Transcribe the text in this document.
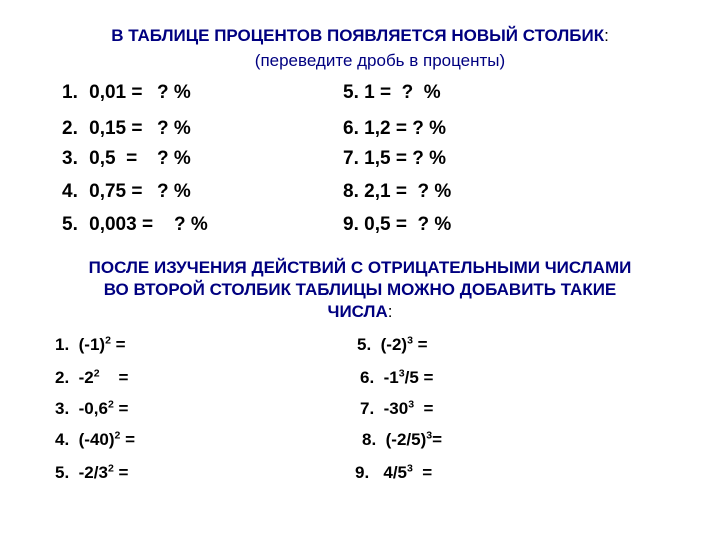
В ТАБЛИЦЕ ПРОЦЕНТОВ ПОЯВЛЯЕТСЯ НОВЫЙ СТОЛБИК:
(переведите дробь в проценты)
1. 0,01 = ? %
2. 0,15 = ? %
3. 0,5  = ? %
4. 0,75 = ? %
5. 0,003 = ? %
5. 1 =  ?  %
6. 1,2 = ? %
7. 1,5 = ? %
8. 2,1 =  ? %
9. 0,5 =  ? %
ПОСЛЕ ИЗУЧЕНИЯ ДЕЙСТВИЙ С ОТРИЦАТЕЛЬНЫМИ ЧИСЛАМИ
ВО ВТОРОЙ СТОЛБИК ТАБЛИЦЫ МОЖНО ДОБАВИТЬ ТАКИЕ
ЧИСЛА:
1. $(-1)^2$ =
2. $-2^2$    =
3. $-0,6^2$ =
4. $(-40)^2$ =
5. $-2/3^2$ =
5. $(-2)^3$ =
6. $-1^3/5$ =
7. $-30^3$  =
8. $(-2/5)^3=$
9.   $4/5^3$  =
